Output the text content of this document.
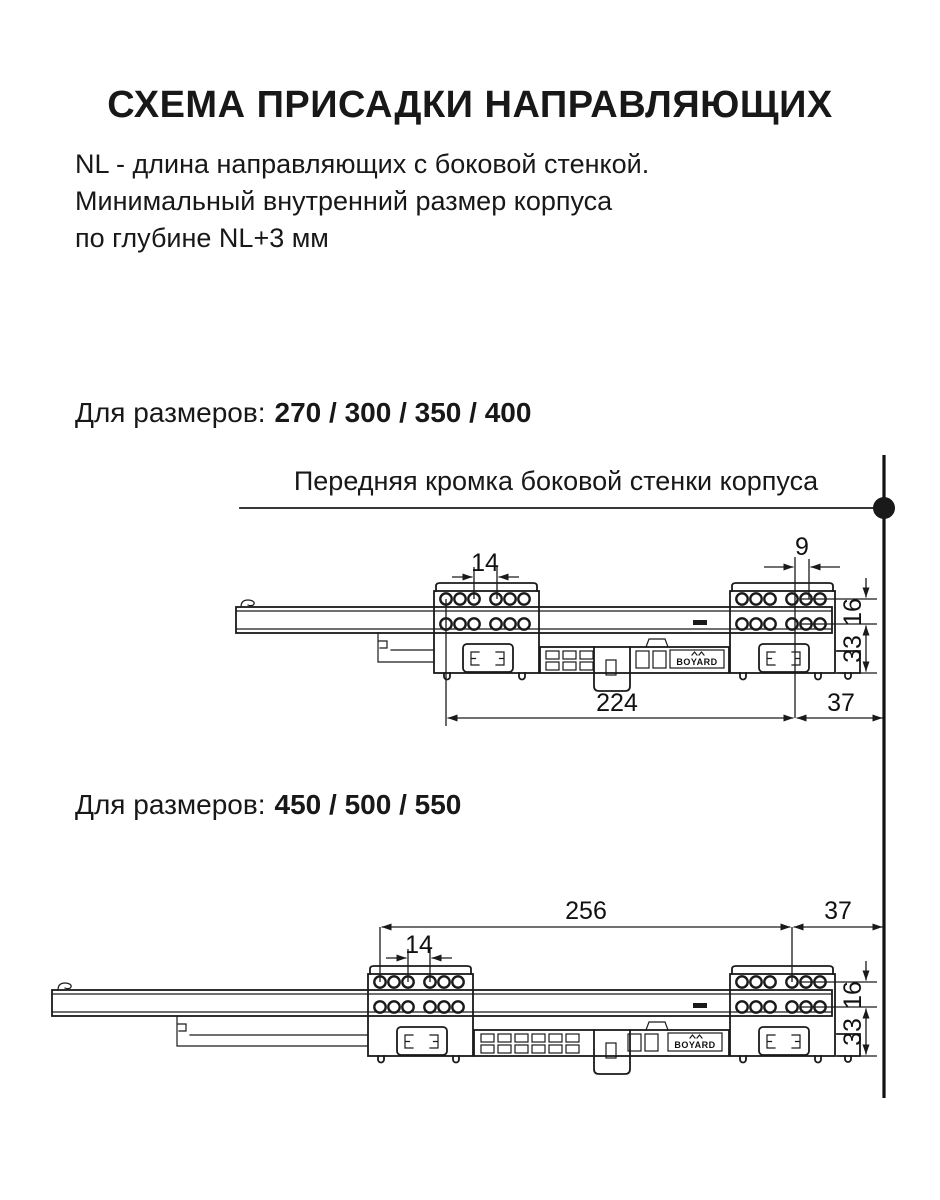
СХЕМА ПРИСАДКИ НАПРАВЛЯЮЩИХ
NL - длина направляющих с боковой стенкой.
Минимальный внутренний размер корпуса
по глубине NL+3 мм
Для размеров: 270 / 300 / 350 / 400
Передняя кромка боковой стенки корпуса
Для размеров: 450 / 500 / 550
BOYARD
14
9
16
33
224	37
BOYARD
14
256	37
16
33
